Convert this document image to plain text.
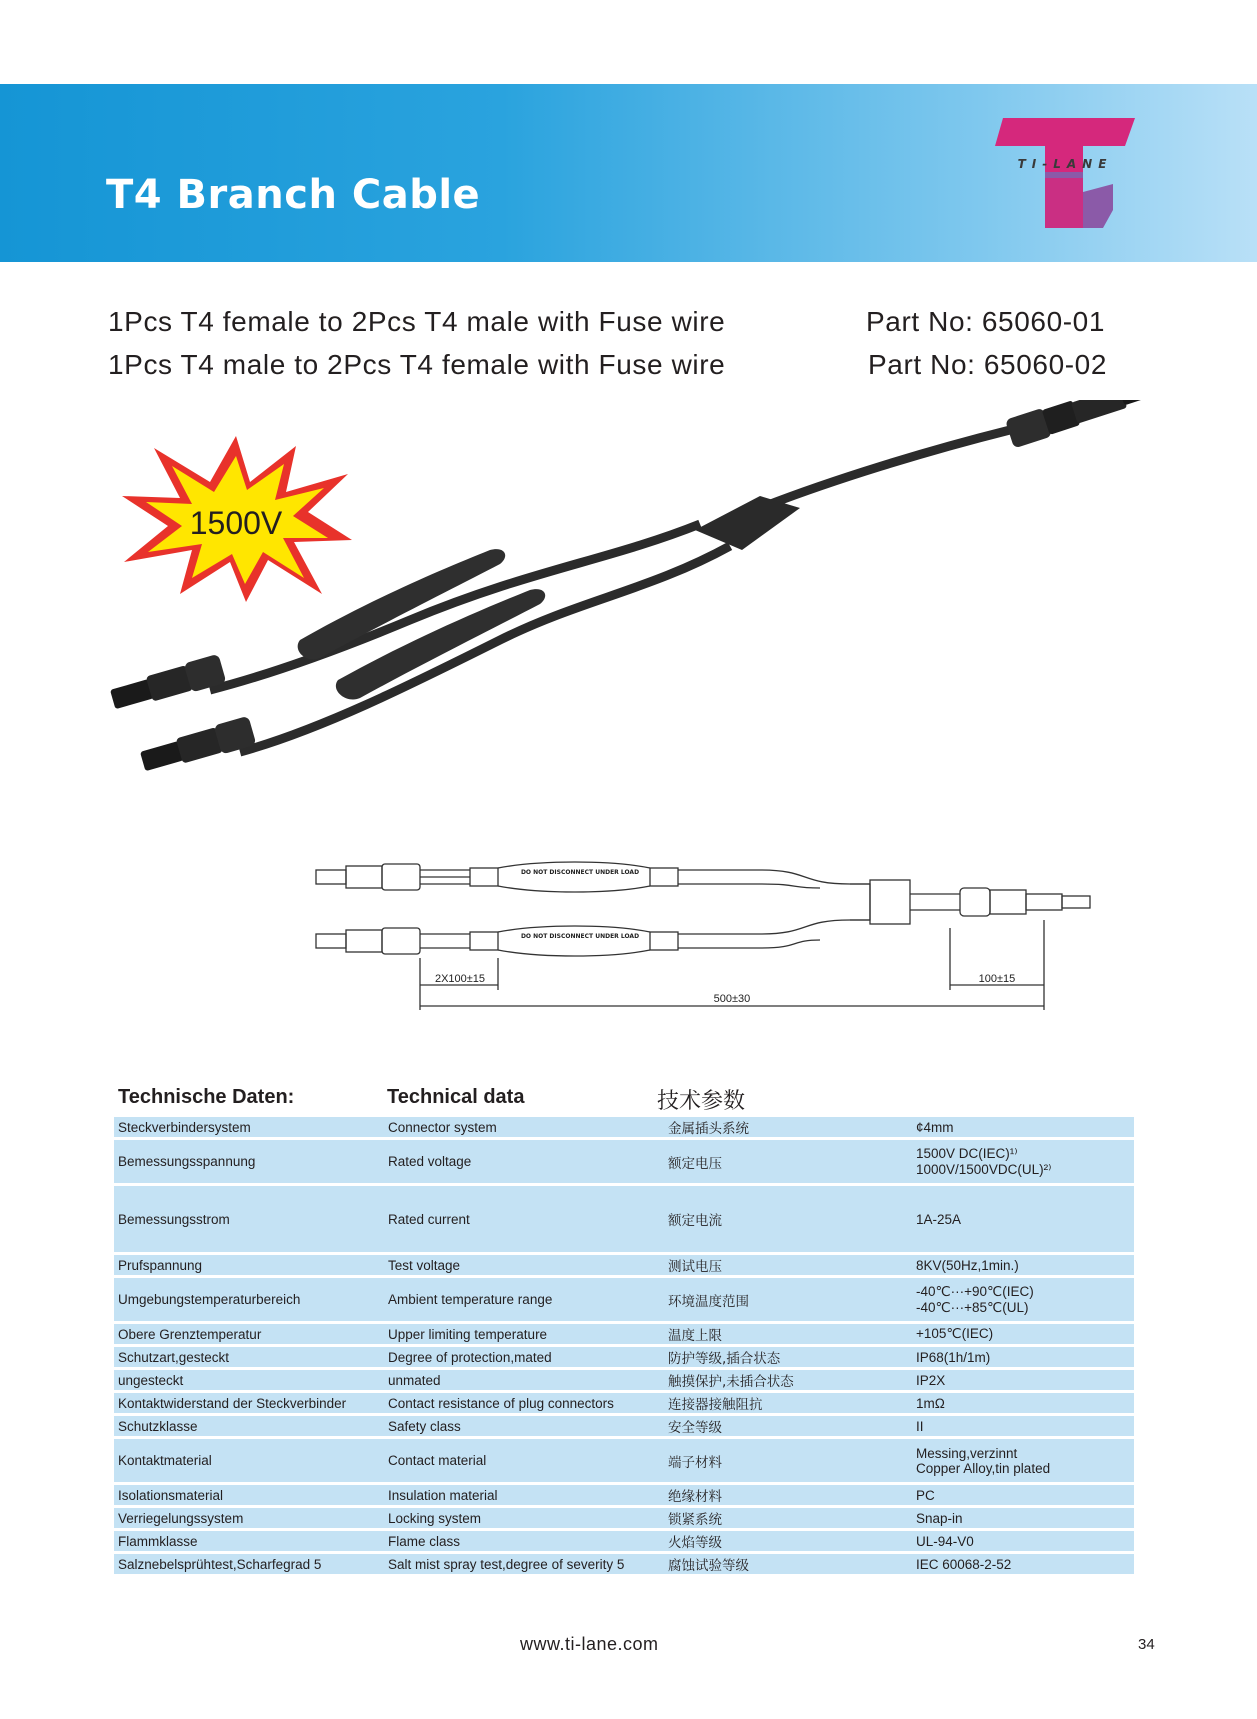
T4 Branch Cable
TI-LANE
1Pcs T4 female to 2Pcs T4 male with Fuse wire	Part No: 65060-01
1Pcs T4 male to 2Pcs T4 female with Fuse wire	Part No: 65060-02
1500V
DO NOT DISCONNECT UNDER LOAD
DO NOT DISCONNECT UNDER LOAD
2X100±15	100±15
500±30
Technische Daten:	Technical data	技术参数
Steckverbindersystem	Connector system	金属插头系统	¢4mm

Bemessungsspannung	Rated voltage	额定电压	1500V DC(IEC)¹⁾
1000V/1500VDC(UL)²⁾

Bemessungsstrom	Rated current	额定电流	1A-25A

Prufspannung	Test voltage	测试电压	8KV(50Hz,1min.)

Umgebungstemperaturbereich	Ambient temperature range	环境温度范围	-40℃···+90℃(IEC)
-40℃···+85℃(UL)

Obere Grenztemperatur	Upper limiting temperature	温度上限	+105℃(IEC)

Schutzart,gesteckt	Degree of protection,mated	防护等级,插合状态	IP68(1h/1m)

ungesteckt	unmated	触摸保护,未插合状态	IP2X

Kontaktwiderstand der Steckverbinder	Contact resistance of plug connectors	连接器接触阻抗	1mΩ

Schutzklasse	Safety class	安全等级	II

Kontaktmaterial	Contact material	端子材料	Messing,verzinnt
Copper Alloy,tin plated

Isolationsmaterial	Insulation material	绝缘材料	PC

Verriegelungssystem	Locking system	锁紧系统	Snap-in

Flammklasse	Flame class	火焰等级	UL-94-V0

Salznebelsprühtest,Scharfegrad 5	Salt mist spray test,degree of severity 5	腐蚀试验等级	IEC 60068-2-52
www.ti-lane.com	34
